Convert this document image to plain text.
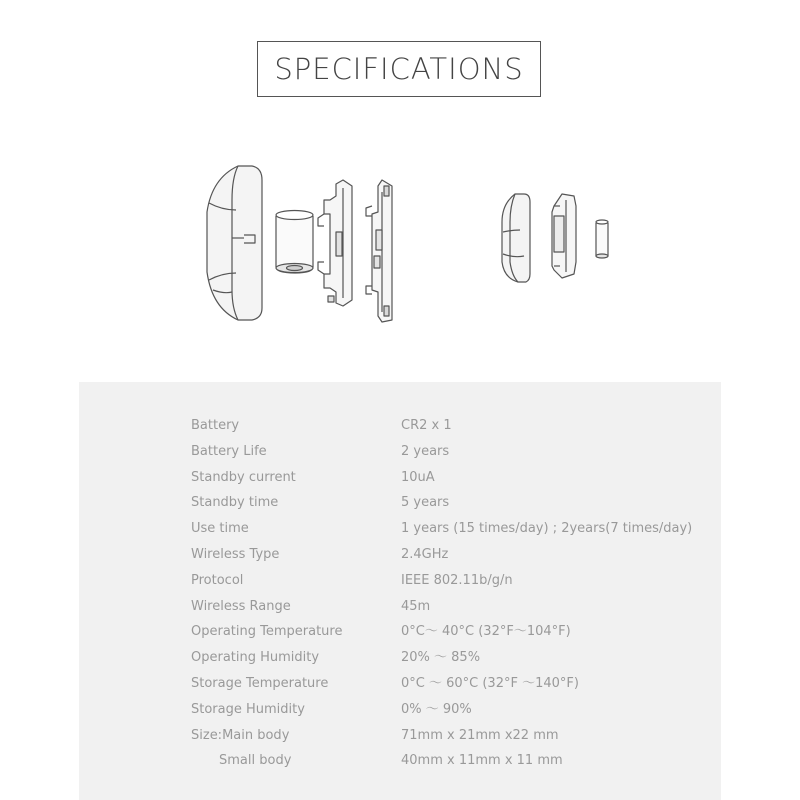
SPECIFICATIONS
Battery	CR2 x 1
Battery Life	2 years
Standby current	10uA
Standby time	5 years
Use time	1 years (15 times/day) ; 2years(7 times/day)
Wireless Type	2.4GHz
Protocol	IEEE 802.11b/g/n
Wireless Range	45m
Operating Temperature	0°C～ 40°C (32°F～104°F)
Operating Humidity	20% ～ 85%
Storage Temperature	0°C ～ 60°C (32°F ～140°F)
Storage Humidity	0% ～ 90%
Size:Main body	71mm x 21mm x22 mm
Small body	40mm x 11mm x 11 mm
